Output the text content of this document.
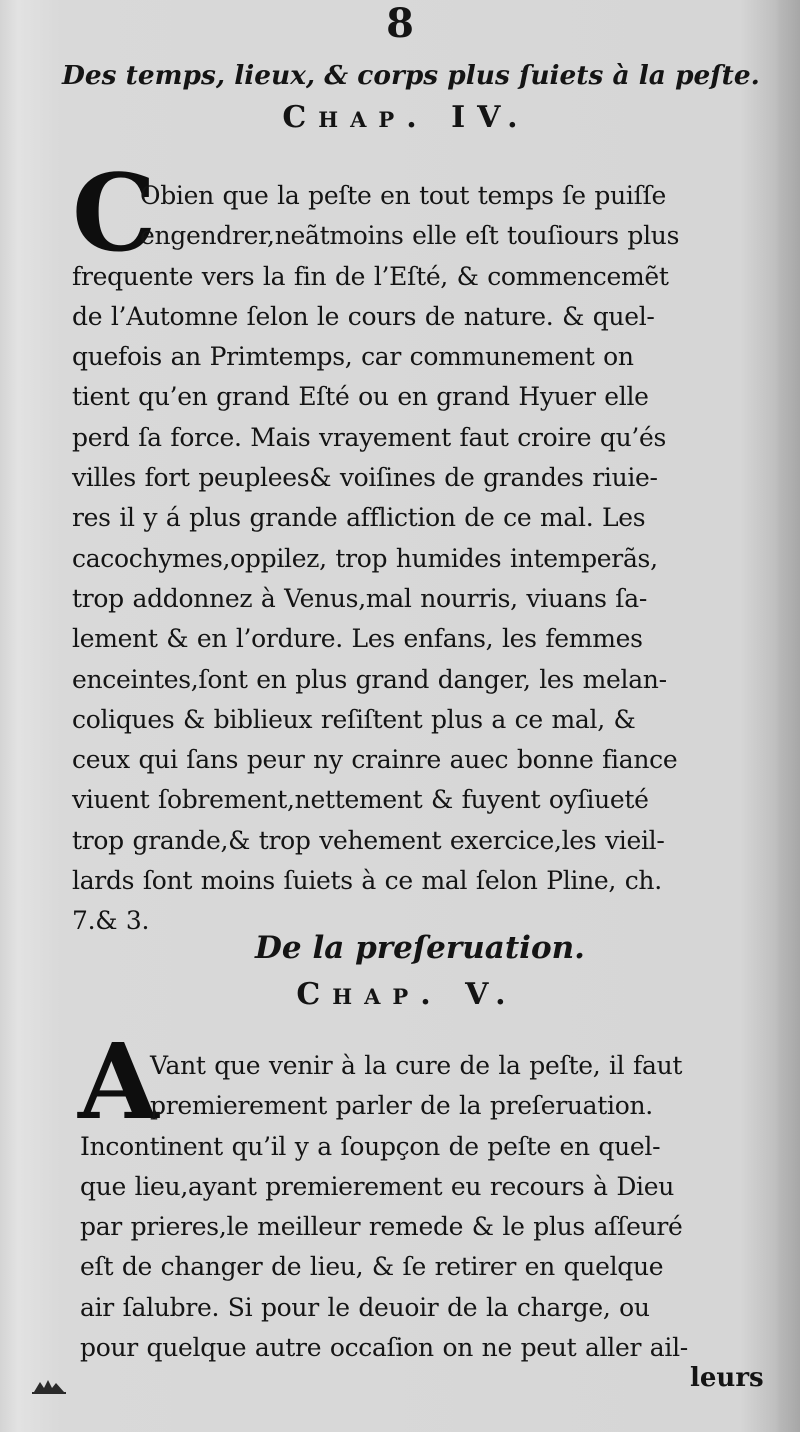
8
Des temps, lieux, & corps plus ſuiets à la peſte.
Chap. IV.
C
Obien que la peſte en tout temps ſe puiſſe
engendrer,neãtmoins elle eſt touſiours plus
frequente vers la fin de l’Eſté, & commencemẽt
de l’Automne ſelon le cours de nature. & quel-
quefois an Primtemps, car communement on
tient qu’en grand Eſté ou en grand Hyuer elle
perd ſa force. Mais vrayement faut croire qu’és
villes fort peuplees& voiſines de grandes riuie-
res il y á plus grande affliction de ce mal. Les
cacochymes,oppilez, trop humides intemperãs,
trop addonnez à Venus,mal nourris, viuans ſa-
lement & en l’ordure. Les enfans, les femmes
enceintes,ſont en plus grand danger, les melan-
coliques & biblieux reſiſtent plus a ce mal, &
ceux qui ſans peur ny crainre auec bonne fiance
viuent ſobrement,nettement & fuyent oyſiueté
trop grande,& trop vehement exercice,les vieil-
lards ſont moins ſuiets à ce mal ſelon Pline, ch.
7.& 3.
De la preſeruation.
Chap. V.
A
Vant que venir à la cure de la peſte, il faut
premierement parler de la preſeruation.
Incontinent qu’il y a ſoupçon de peſte en quel-
que lieu,ayant premierement eu recours à Dieu
par prieres,le meilleur remede & le plus aſſeuré
eſt de changer de lieu, & ſe retirer en quelque
air ſalubre. Si pour le deuoir de la charge, ou
pour quelque autre occaſion on ne peut aller ail-
leurs
